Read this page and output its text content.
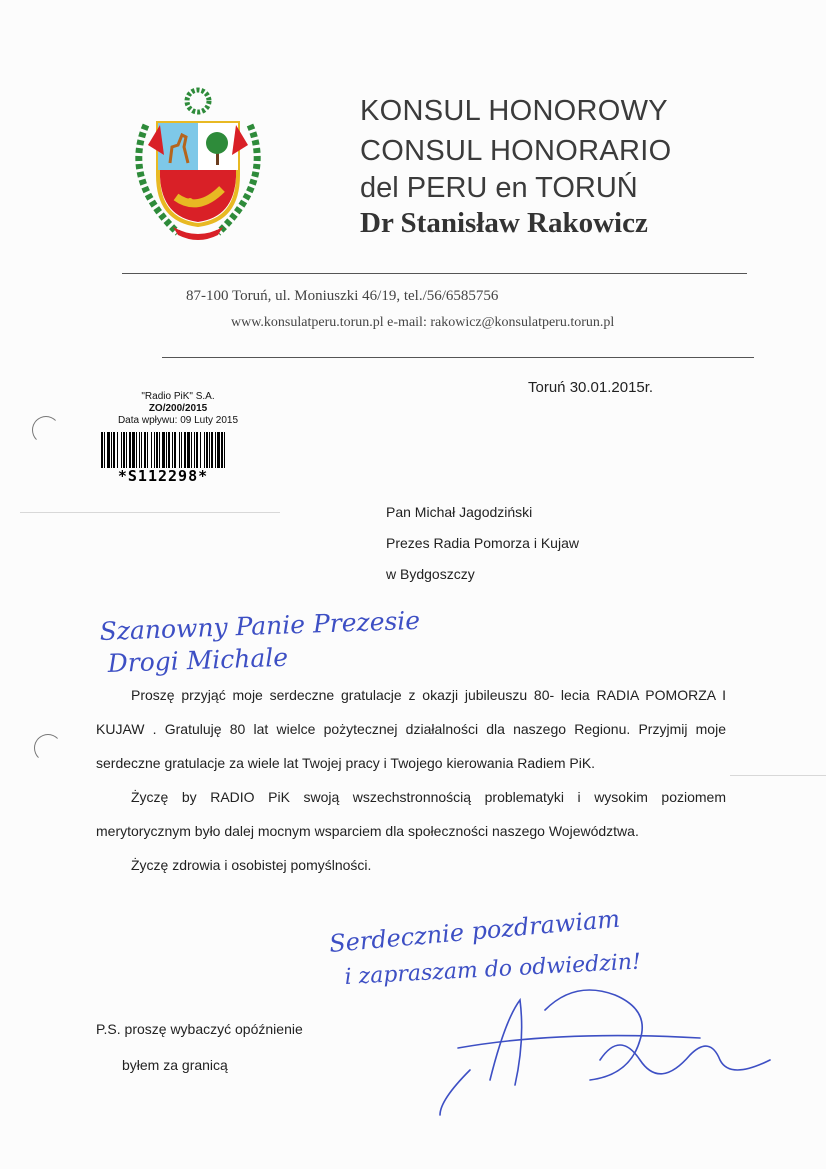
KONSUL HONOROWY
CONSUL HONORARIO
del PERU en TORUŃ
Dr Stanisław Rakowicz
87-100 Toruń, ul. Moniuszki 46/19, tel./56/6585756
www.konsulatperu.torun.pl e-mail: rakowicz@konsulatperu.torun.pl
Toruń 30.01.2015r.
"Radio PiK" S.A.
ZO/200/2015
Data wpływu: 09 Luty 2015
*S112298*
Pan Michał Jagodziński
Prezes Radia Pomorza i Kujaw
w Bydgoszczy

Proszę przyjąć moje serdeczne gratulacje z okazji jubileuszu 80- lecia RADIA POMORZA I KUJAW . Gratuluję 80 lat wielce pożytecznej działalności dla naszego Regionu. Przyjmij moje serdeczne gratulacje za wiele lat Twojej pracy i Twojego kierowania Radiem PiK.

Życzę by RADIO PiK swoją wszechstronnością problematyki i wysokim poziomem merytorycznym było dalej mocnym wsparciem dla społeczności naszego Województwa.

Życzę zdrowia i osobistej pomyślności.

P.S. proszę wybaczyć opóźnienie
byłem za granicą
Szanowny Panie Prezesie
Drogi Michale
Serdecznie pozdrawiam
i zapraszam do odwiedzin!
